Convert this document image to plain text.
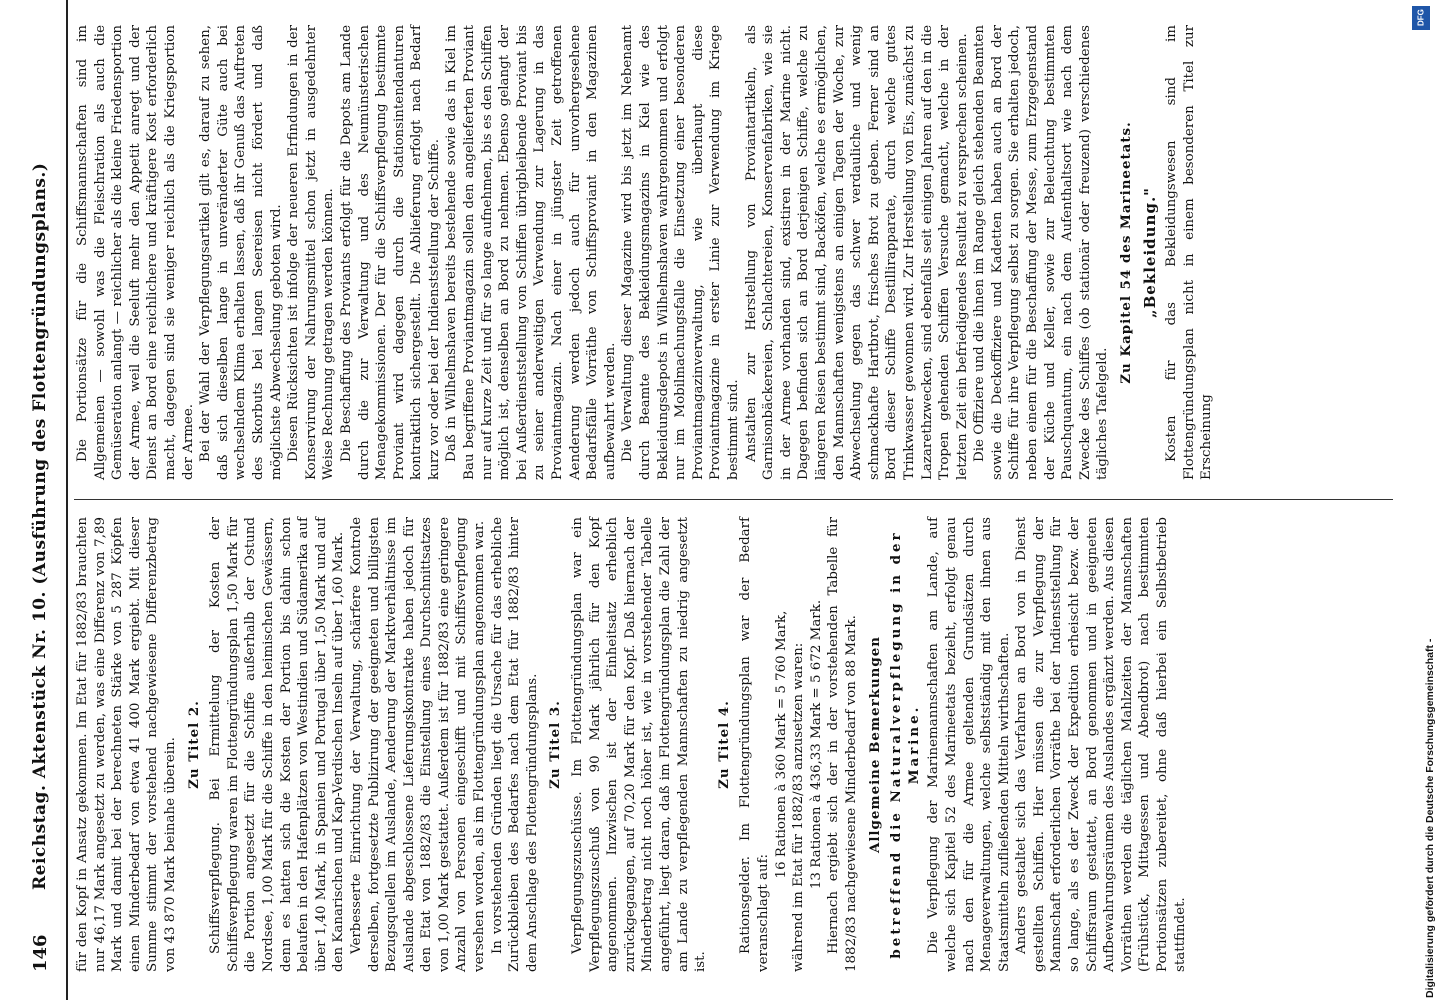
146
Reichstag. Aktenstück Nr. 10. (Ausführung des Flottengründungsplans.) für den Kopf in Ansatz gekommen. Im Etat für 1882/83 brauchten nur 46,17 Mark angesetzt zu werden, was eine Differenz von 7,89 Mark und damit bei der berechneten Stärke von 5 287 Köpfen einen Minderbedarf von etwa 41 400 Mark ergiebt. Mit dieser Summe stimmt der vorstehend nachgewiesene Differenzbetrag von 43 870 Mark beinahe überein. Zu Titel 2. Schiffsverpflegung. Bei Ermittelung der Kosten der Schiffsverpflegung waren im Flottengründungsplan 1,50 Mark für die Portion angesetzt für die Schiffe außerhalb der Ostund Nordsee, 1,00 Mark für die Schiffe in den heimischen Gewässern, denn es hatten sich die Kosten der Portion bis dahin schon belaufen in den Hafenplätzen von Westindien und Südamerika auf über 1,40 Mark, in Spanien und Portugal über 1,50 Mark und auf den Kanarischen und Kap-Verdischen Inseln auf über 1,60 Mark. Verbesserte Einrichtung der Verwaltung, schärfere Kontrole derselben, fortgesetzte Publizirung der geeigneten und billigsten Bezugsquellen im Auslande, Aenderung der Marktverhältnisse im Auslande abgeschlossene Lieferungskontrakte haben jedoch für den Etat von 1882/83 die Einstellung eines Durchschnittsatzes von 1,00 Mark gestattet. Außerdem ist für 1882/83 eine geringere Anzahl von Personen eingeschifft und mit Schiffsverpflegung versehen worden, als im Flottengründungsplan angenommen war. In vorstehenden Gründen liegt die Ursache für das erhebliche Zurückbleiben des Bedarfes nach dem Etat für 1882/83 hinter dem Anschlage des Flottengründungsplans. Zu Titel 3. Verpflegungszuschüsse. Im Flottengründungsplan war ein Verpflegungszuschuß von 90 Mark jährlich für den Kopf angenommen. Inzwischen ist der Einheitsatz erheblich zurückgegangen, auf 70,20 Mark für den Kopf. Daß hiernach der Minderbetrag nicht noch höher ist, wie in vorstehender Tabelle angeführt, liegt daran, daß im Flottengründungsplan die Zahl der am Lande zu verpflegenden Mannschaften zu niedrig angesetzt ist.

Zu Titel 4. Rationsgelder. Im Flottengründungsplan war der Bedarf veranschlagt auf:

16 Rationen à 360 Mark = 5 760 Mark, während im Etat für 1882/83 anzusetzen waren: 13 Rationen à 436,33 Mark = 5 672 Mark. Hiernach ergiebt sich der in der vorstehenden Tabelle für 1882/83 nachgewiesene Minderbedarf von 88 Mark. Allgemeine Bemerkungen betreffend die Naturalverpflegung in der Marine. Die Verpflegung der Marinemannschaften am Lande, auf welche sich Kapitel 52 des Marineetats bezieht, erfolgt genau nach den für die Armee geltenden Grundsätzen durch Menageverwaltungen, welche selbstständig mit den ihnen aus Staatsmitteln zufließenden Mitteln wirthschaften. Anders gestaltet sich das Verfahren an Bord von in Dienst gestellten Schiffen. Hier müssen die zur Verpflegung der Mannschaft erforderlichen Vorräthe bei der Indienststellung für so lange, als es der Zweck der Expedition erheischt bezw. der Schiffsraum gestattet, an Bord genommen und in geeigneten Aufbewahrungsräumen des Auslandes ergänzt werden. Aus diesen Vorräthen werden die täglichen Mahlzeiten der Mannschaften (Frühstück, Mittagessen und Abendbrot) nach bestimmten Portionsätzen zubereitet, ohne daß hierbei ein Selbstbetrieb stattfindet.

Die Portionsätze für die Schiffsmannschaften sind im Allgemeinen — sowohl was die Fleischration als auch die Gemüseration anlangt — reichlicher als die kleine Friedensportion der Armee, weil die Seeluft mehr den Appetit anregt und der Dienst an Bord eine reichlichere und kräftigere Kost erforderlich macht, dagegen sind sie weniger reichlich als die Kriegsportion der Armee. Bei der Wahl der Verpflegungsartikel gilt es, darauf zu sehen, daß sich dieselben lange in unveränderter Güte auch bei wechselndem Klima erhalten lassen, daß ihr Genuß das Auftreten des Skorbuts bei langen Seereisen nicht fördert und daß möglichste Abwechselung geboten wird. Diesen Rücksichten ist infolge der neueren Erfindungen in der Konservirung der Nahrungsmittel schon jetzt in ausgedehnter Weise Rechnung getragen werden können. Die Beschaffung des Proviants erfolgt für die Depots am Lande durch die zur Verwaltung und des Neumünsterischen Menagekommissionen. Der für die Schiffsverpflegung bestimmte Proviant wird dagegen durch die Stationsintendanturen kontraktlich sichergestellt. Die Ablieferung erfolgt nach Bedarf kurz vor oder bei der Indienststellung der Schiffe. Daß in Wilhelmshaven bereits bestehende sowie das in Kiel im Bau begriffene Proviantmagazin sollen den angelieferten Proviant nur auf kurze Zeit und für so lange aufnehmen, bis es den Schiffen möglich ist, denselben an Bord zu nehmen. Ebenso gelangt der bei Außerdienststellung von Schiffen übrigbleibende Proviant bis zu seiner anderweitigen Verwendung zur Lagerung in das Proviantmagazin. Nach einer in jüngster Zeit getroffenen Aenderung werden jedoch auch für unvorhergesehene Bedarfsfälle Vorräthe von Schiffsproviant in den Magazinen aufbewahrt werden. Die Verwaltung dieser Magazine wird bis jetzt im Nebenamt durch Beamte des Bekleidungsmagazins in Kiel wie des Bekleidungsdepots in Wilhelmshaven wahrgenommen und erfolgt nur im Mobilmachungsfalle die Einsetzung einer besonderen Proviantmagazinverwaltung, wie überhaupt diese Proviantmagazine in erster Linie zur Verwendung im Kriege bestimmt sind. Anstalten zur Herstellung von Proviantartikeln, als Garnisonbäckereien, Schlachtereien, Konservenfabriken, wie sie in der Armee vorhanden sind, existiren in der Marine nicht. Dagegen befinden sich an Bord derjenigen Schiffe, welche zu längeren Reisen bestimmt sind, Backöfen, welche es ermöglichen, den Mannschaften wenigstens an einigen Tagen der Woche, zur Abwechselung gegen das schwer verdauliche und wenig schmackhafte Hartbrot, frisches Brot zu geben. Ferner sind an Bord dieser Schiffe Destillirapparate, durch welche gutes Trinkwasser gewonnen wird. Zur Herstellung von Eis, zunächst zu Lazarethzwecken, sind ebenfalls seit einigen Jahren auf den in die Tropen gehenden Schiffen Versuche gemacht, welche in der letzten Zeit ein befriedigendes Resultat zu versprechen scheinen. Die Offiziere und die ihnen im Range gleich stehenden Beamten sowie die Deckoffiziere und Kadetten haben auch an Bord der Schiffe für ihre Verpflegung selbst zu sorgen. Sie erhalten jedoch, neben einem für die Beschaffung der Messe, zum Erzgegenstand der Küche und Keller, sowie zur Beleuchtung bestimmten Pauschquantum, ein nach dem Aufenthaltsort wie nach dem Zwecke des Schiffes (ob stationär oder freuzend) verschiedenes tägliches Tafelgeld.

Zu Kapitel 54 des Marineetats. „Bekleidung." Kosten für das Bekleidungswesen sind im Flottengründungsplan nicht in einem besonderen Titel zur Erscheinung

Digitalisierung gefördert durch die Deutsche Forschungsgemeinschaft -
DFG
